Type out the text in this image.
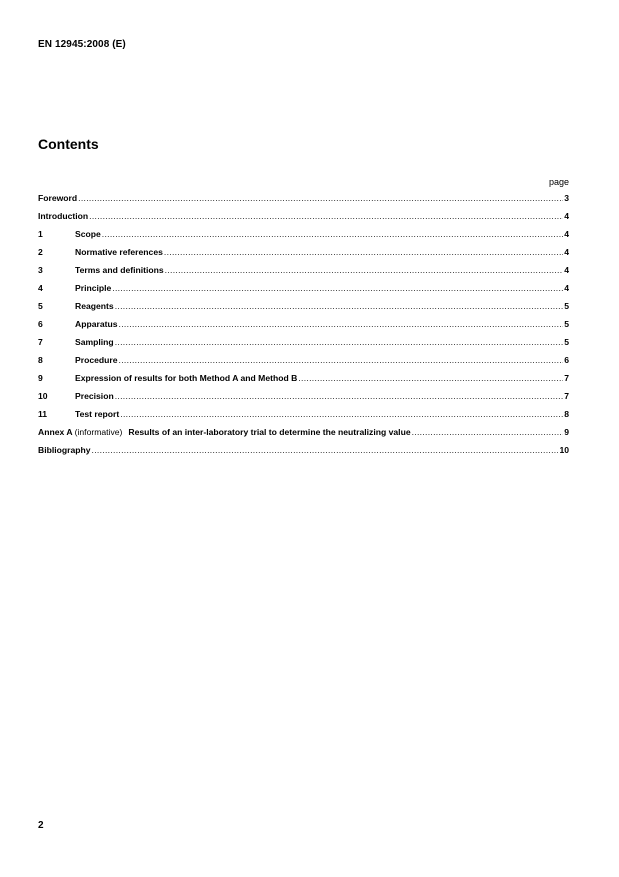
EN 12945:2008 (E)
Contents
page
Foreword .....	3
Introduction .....	4
1	Scope .....	4
2	Normative references .....	4
3	Terms and definitions .....	4
4	Principle .....	4
5	Reagents .....	5
6	Apparatus .....	5
7	Sampling .....	5
8	Procedure .....	6
9	Expression of results for both Method A and Method B .....	7
10	Precision .....	7
11	Test report .....	8
Annex A (informative) Results of an inter-laboratory trial to determine the neutralizing value .....	9
Bibliography .....	10
2
